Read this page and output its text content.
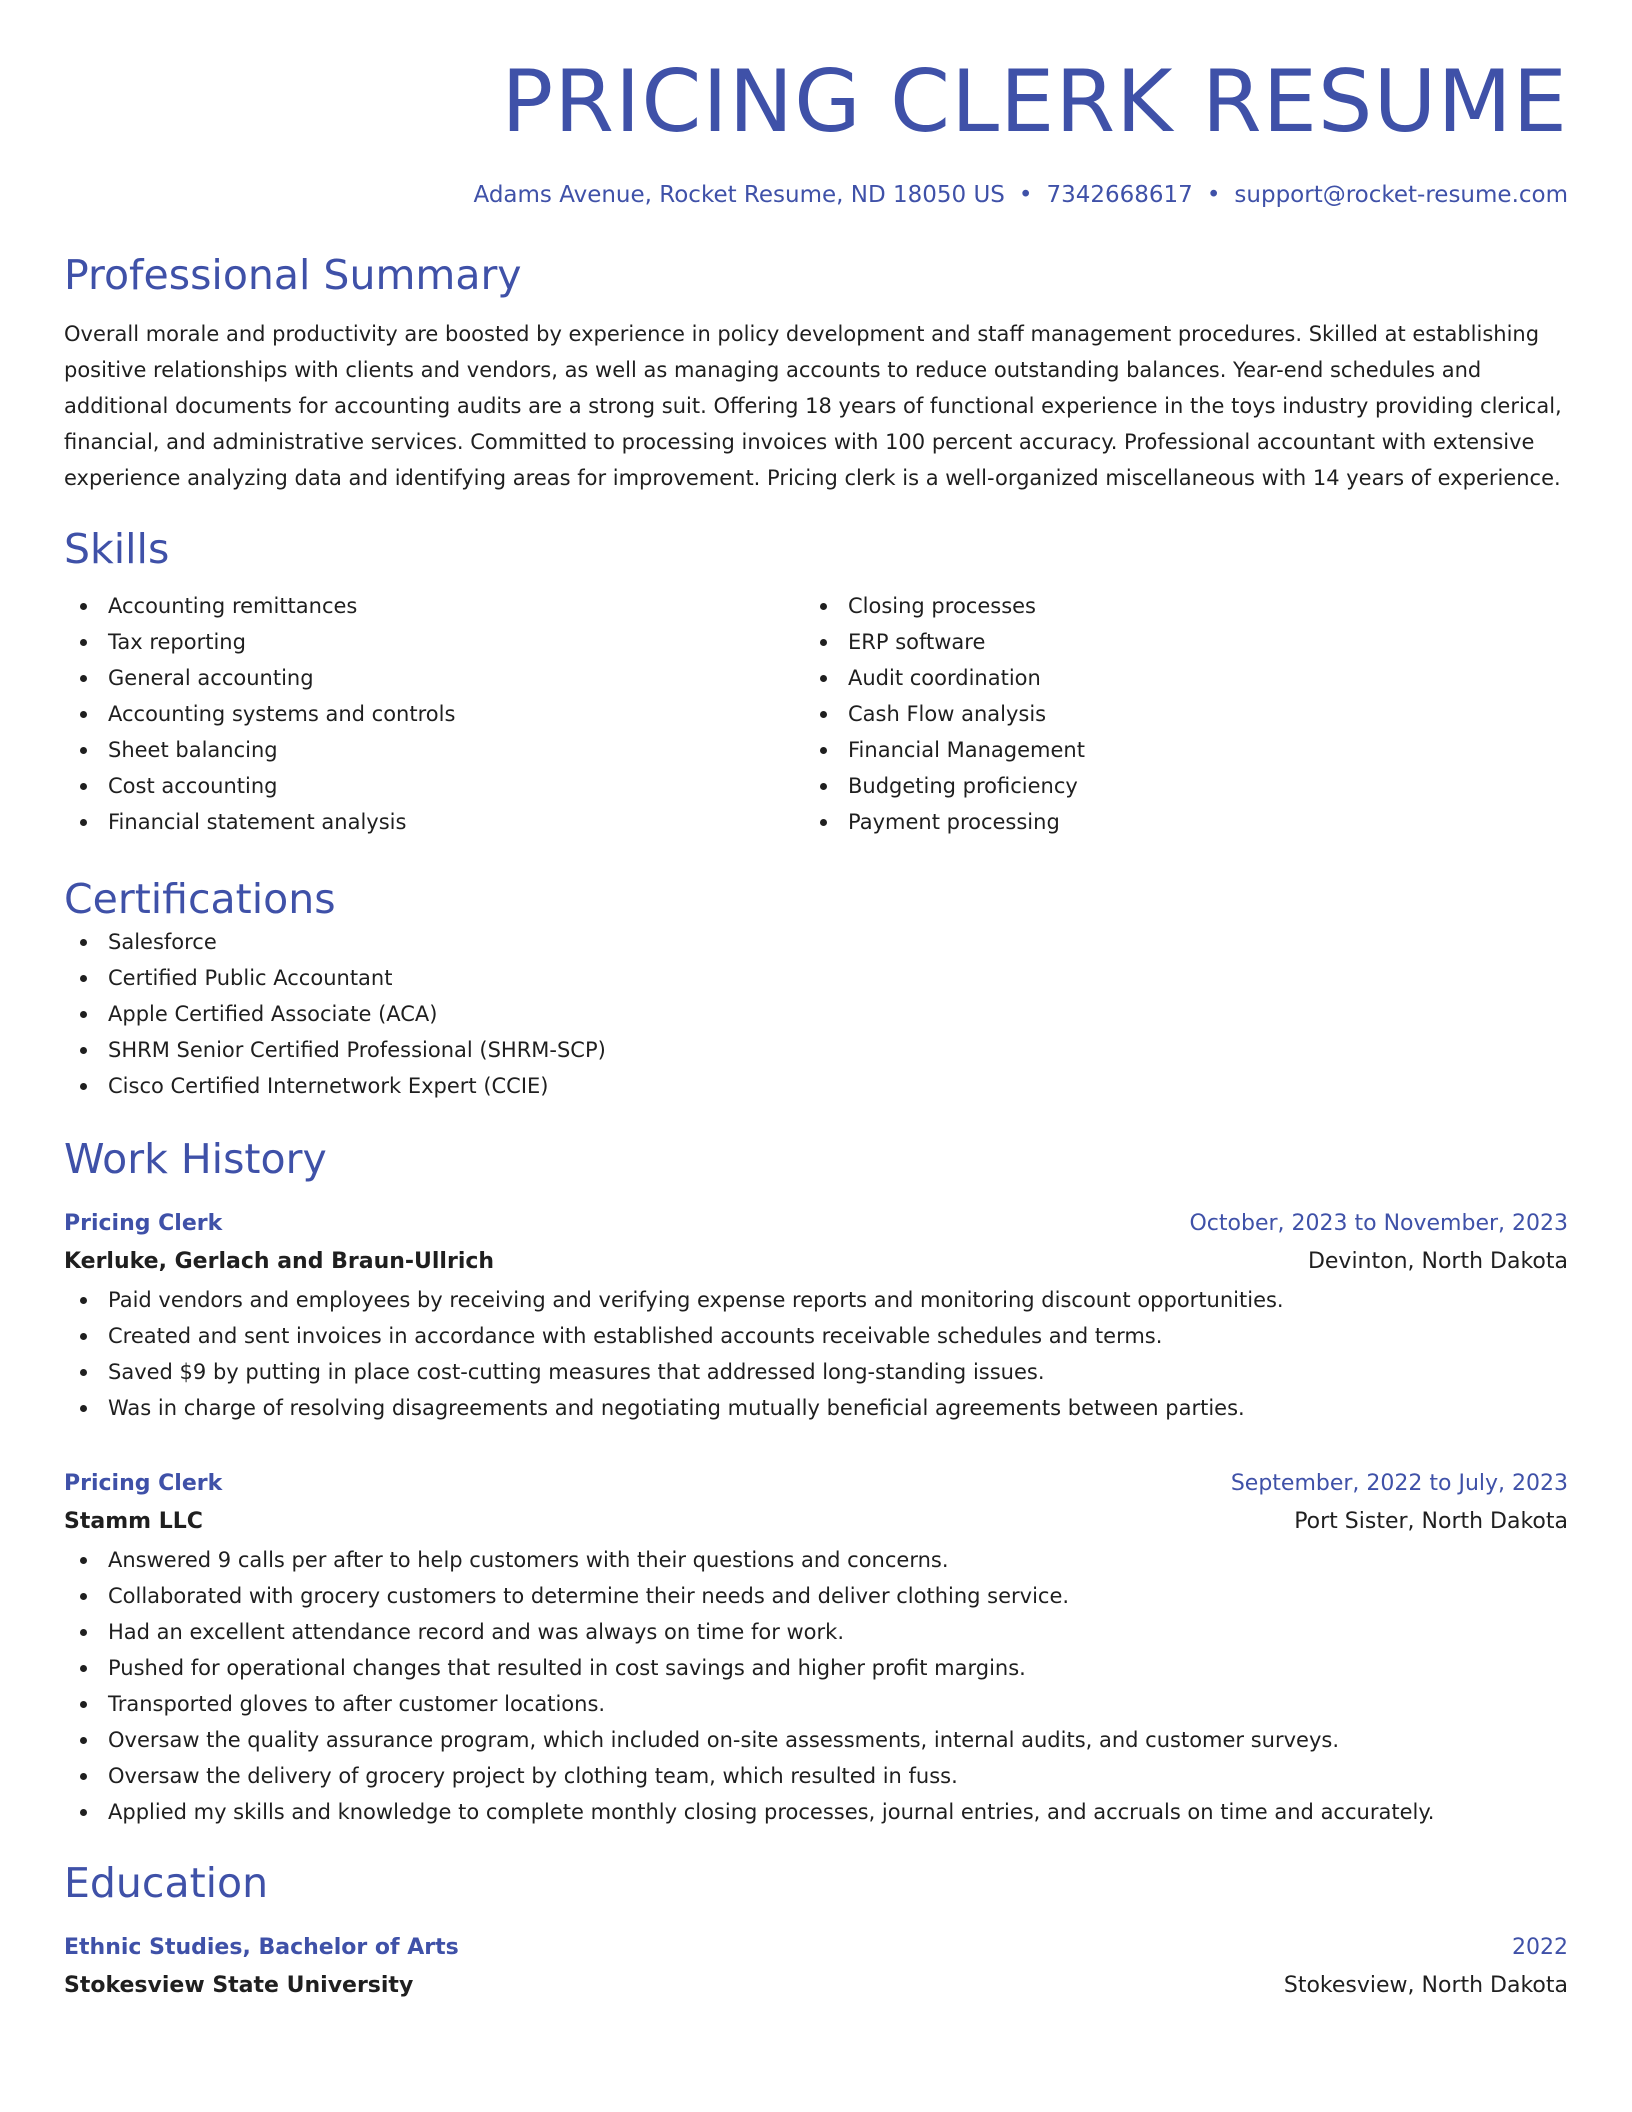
PRICING CLERK RESUME
Adams Avenue, Rocket Resume, ND 18050 US • 7342668617 • support@rocket-resume.com
Professional Summary

Overall morale and productivity are boosted by experience in policy development and staff management procedures. Skilled at establishing positive relationships with clients and vendors, as well as managing accounts to reduce outstanding balances. Year-end schedules and additional documents for accounting audits are a strong suit. Offering 18 years of functional experience in the toys industry providing clerical, financial, and administrative services. Committed to processing invoices with 100 percent accuracy. Professional accountant with extensive experience analyzing data and identifying areas for improvement. Pricing clerk is a well-organized miscellaneous with 14 years of experience.

Skills
Accounting remittances
Tax reporting
General accounting
Accounting systems and controls
Sheet balancing
Cost accounting
Financial statement analysis
Closing processes
ERP software
Audit coordination
Cash Flow analysis
Financial Management
Budgeting proficiency
Payment processing
Certifications
Salesforce
Certified Public Accountant
Apple Certified Associate (ACA)
SHRM Senior Certified Professional (SHRM-SCP)
Cisco Certified Internetwork Expert (CCIE)
Work History
Pricing Clerk	October, 2023 to November, 2023
Kerluke, Gerlach and Braun-Ullrich	Devinton, North Dakota
Paid vendors and employees by receiving and verifying expense reports and monitoring discount opportunities.
Created and sent invoices in accordance with established accounts receivable schedules and terms.
Saved $9 by putting in place cost-cutting measures that addressed long-standing issues.
Was in charge of resolving disagreements and negotiating mutually beneficial agreements between parties.
Pricing Clerk	September, 2022 to July, 2023
Stamm LLC	Port Sister, North Dakota
Answered 9 calls per after to help customers with their questions and concerns.
Collaborated with grocery customers to determine their needs and deliver clothing service.
Had an excellent attendance record and was always on time for work.
Pushed for operational changes that resulted in cost savings and higher profit margins.
Transported gloves to after customer locations.
Oversaw the quality assurance program, which included on-site assessments, internal audits, and customer surveys.
Oversaw the delivery of grocery project by clothing team, which resulted in fuss.
Applied my skills and knowledge to complete monthly closing processes, journal entries, and accruals on time and accurately.
Education
Ethnic Studies, Bachelor of Arts	2022
Stokesview State University	Stokesview, North Dakota
